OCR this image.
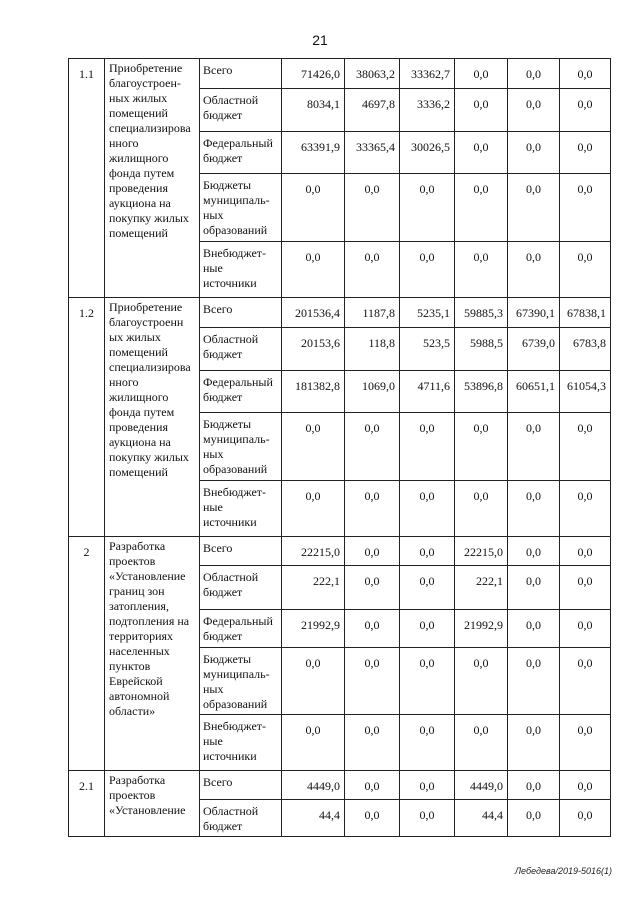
21
1.1	Приобретение благоустроен-ных жилых помещений специализирова нного жилищного фонда путем проведения аукциона на покупку жилых помещений	Всего	71426,0	38063,2	33362,7	0,0	0,0	0,0
		Областной бюджет	8034,1	4697,8	3336,2	0,0	0,0	0,0
		Федеральный бюджет	63391,9	33365,4	30026,5	0,0	0,0	0,0
		Бюджеты муниципаль-ных образований	0,0	0,0	0,0	0,0	0,0	0,0
		Внебюджет-ные источники	0,0	0,0	0,0	0,0	0,0	0,0
1.2	Приобретение благоустроенн ых жилых помещений специализирова нного жилищного фонда путем проведения аукциона на покупку жилых помещений	Всего	201536,4	1187,8	5235,1	59885,3	67390,1	67838,1
		Областной бюджет	20153,6	118,8	523,5	5988,5	6739,0	6783,8
		Федеральный бюджет	181382,8	1069,0	4711,6	53896,8	60651,1	61054,3
		Бюджеты муниципаль-ных образований	0,0	0,0	0,0	0,0	0,0	0,0
		Внебюджет-ные источники	0,0	0,0	0,0	0,0	0,0	0,0
2	Разработка проектов «Установление границ зон затопления, подтопления на территориях населенных пунктов Еврейской автономной области»	Всего	22215,0	0,0	0,0	22215,0	0,0	0,0
		Областной бюджет	222,1	0,0	0,0	222,1	0,0	0,0
		Федеральный бюджет	21992,9	0,0	0,0	21992,9	0,0	0,0
		Бюджеты муниципаль-ных образований	0,0	0,0	0,0	0,0	0,0	0,0
		Внебюджет-ные источники	0,0	0,0	0,0	0,0	0,0	0,0
2.1	Разработка проектов «Установление	Всего	4449,0	0,0	0,0	4449,0	0,0	0,0
		Областной бюджет	44,4	0,0	0,0	44,4	0,0	0,0
Лебедева/2019-5016(1)
